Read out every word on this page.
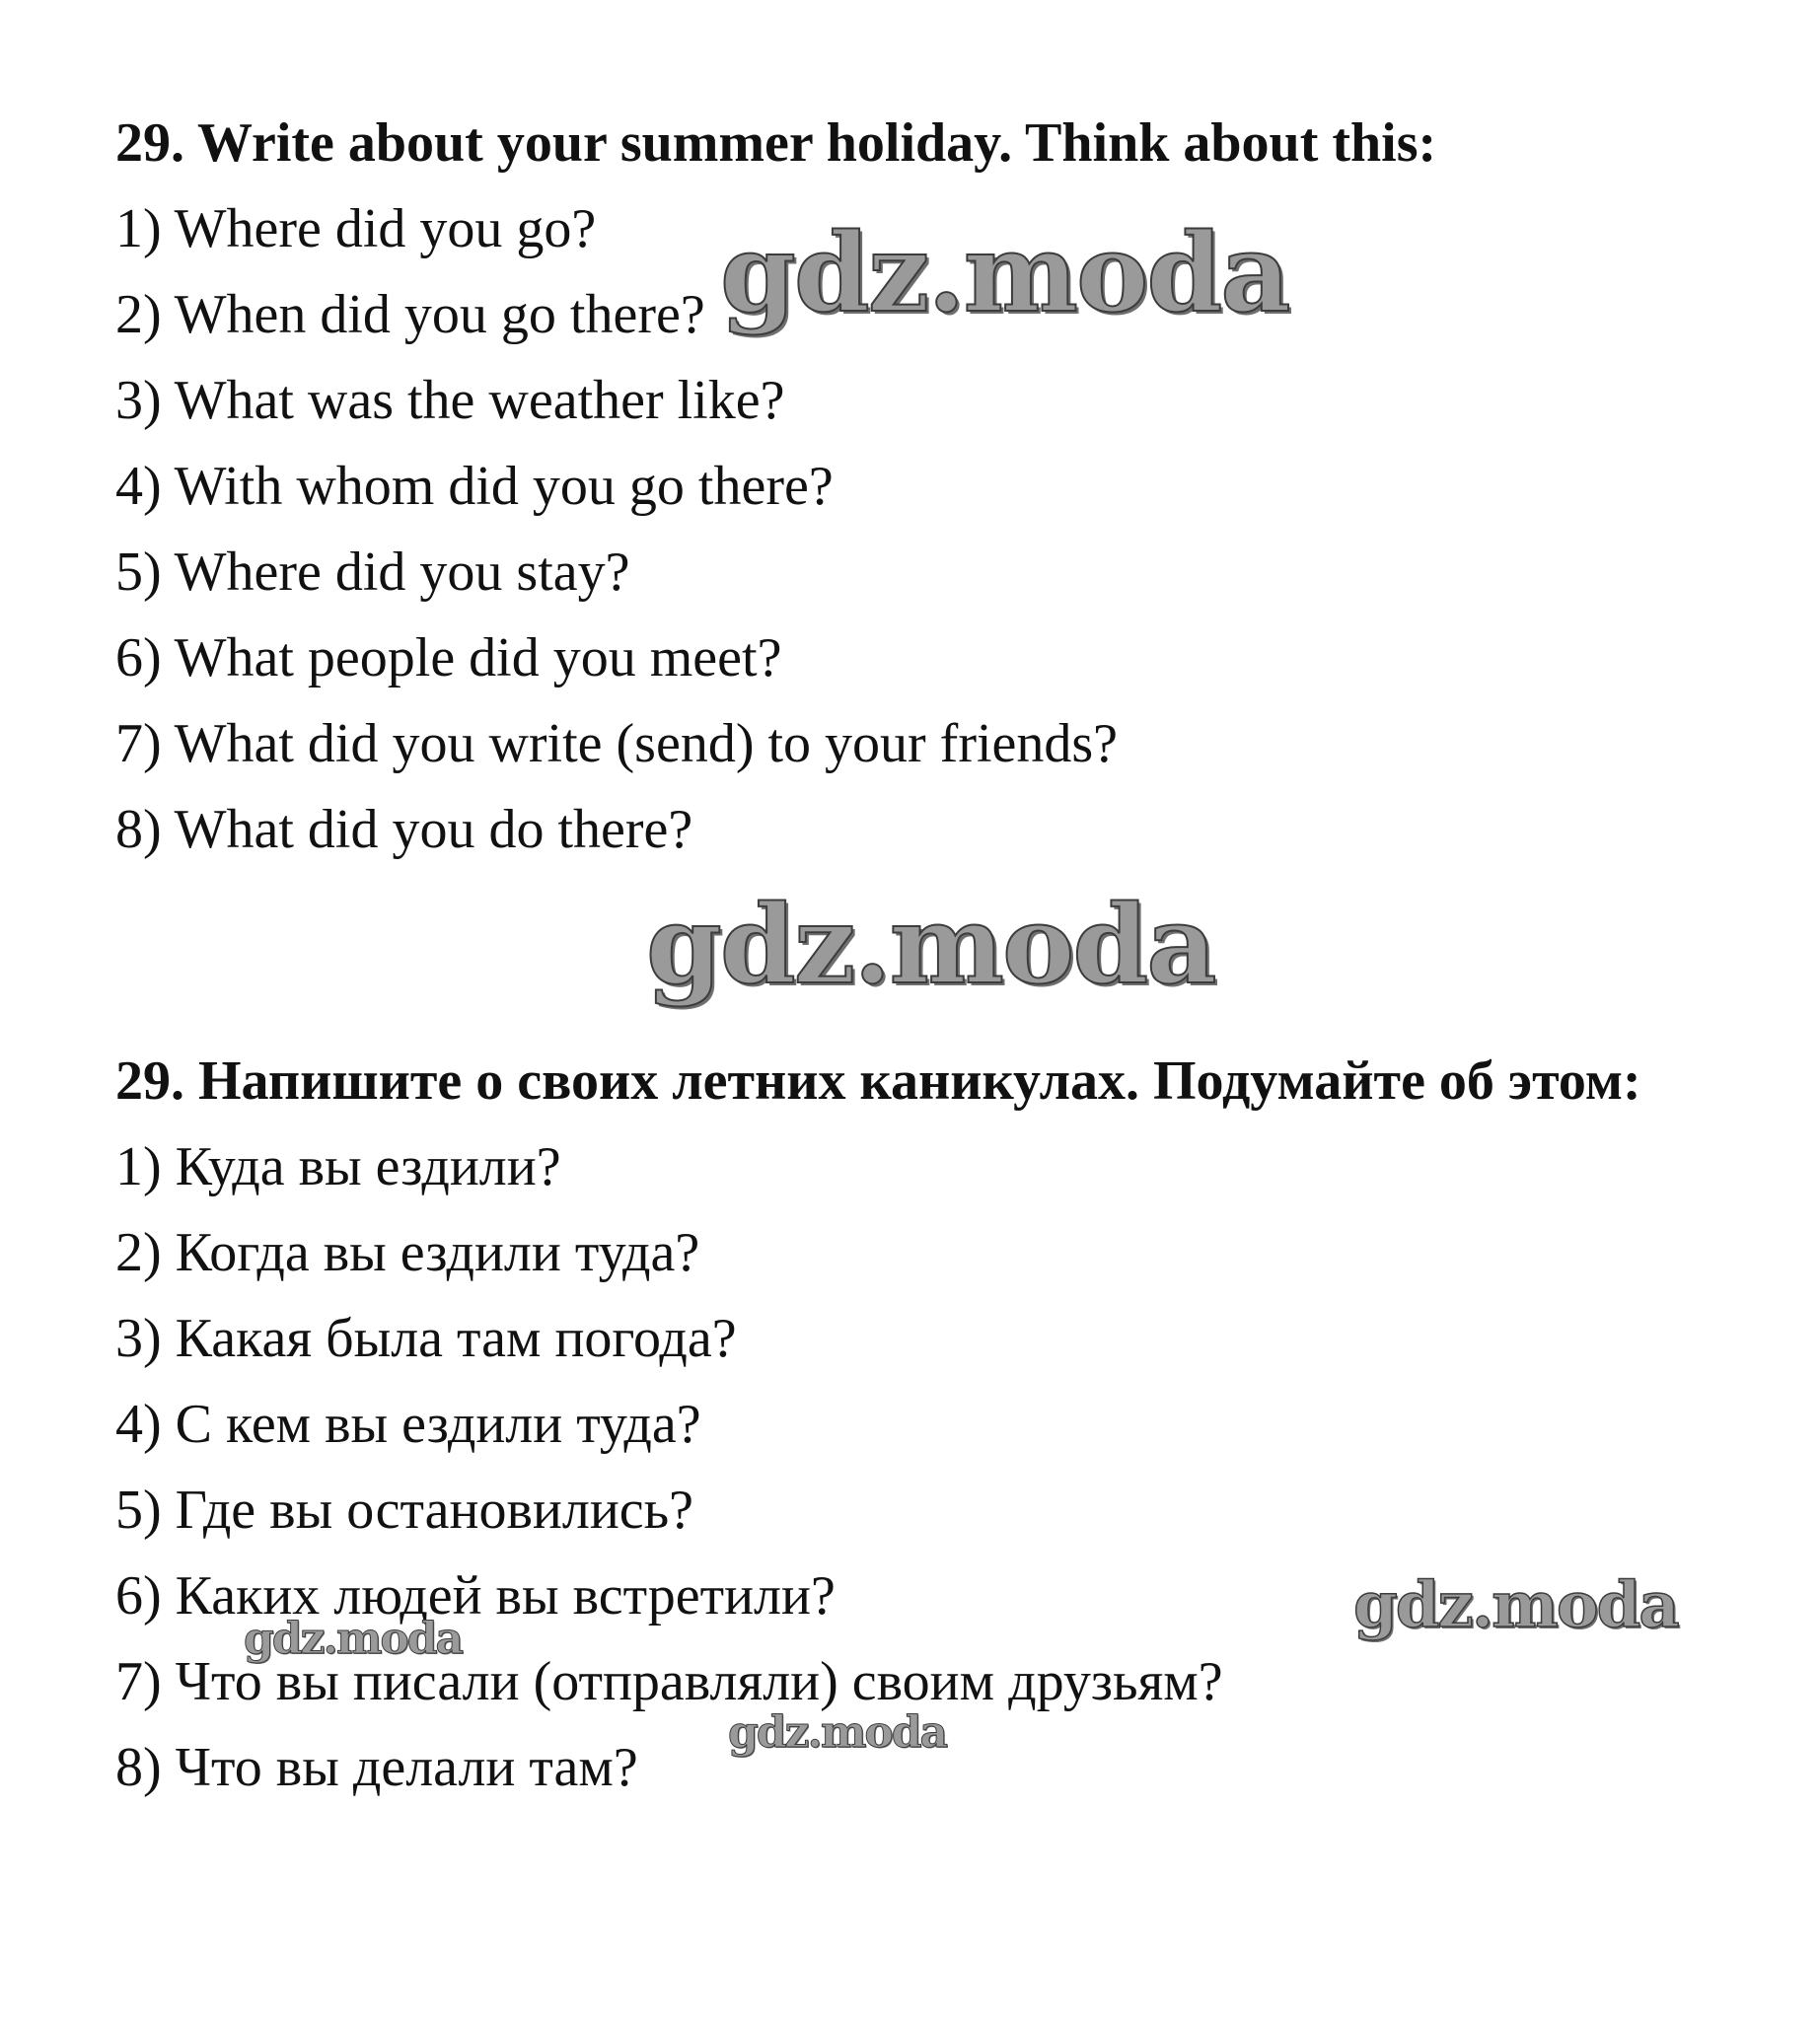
29. Write about your summer holiday. Think about this:
1) Where did you go?
2) When did you go there?
3) What was the weather like?
4) With whom did you go there?
5) Where did you stay?
6) What people did you meet?
7) What did you write (send) to your friends?
8) What did you do there?
29. Напишите о своих летних каникулах. Подумайте об этом:
1) Куда вы ездили?
2) Когда вы ездили туда?
3) Какая была там погода?
4) С кем вы ездили туда?
5) Где вы остановились?
6) Каких людей вы встретили?
7) Что вы писали (отправляли) своим друзьям?
8) Что вы делали там?
gdz.moda
gdz.moda
gdz.moda
gdz.moda
gdz.moda
